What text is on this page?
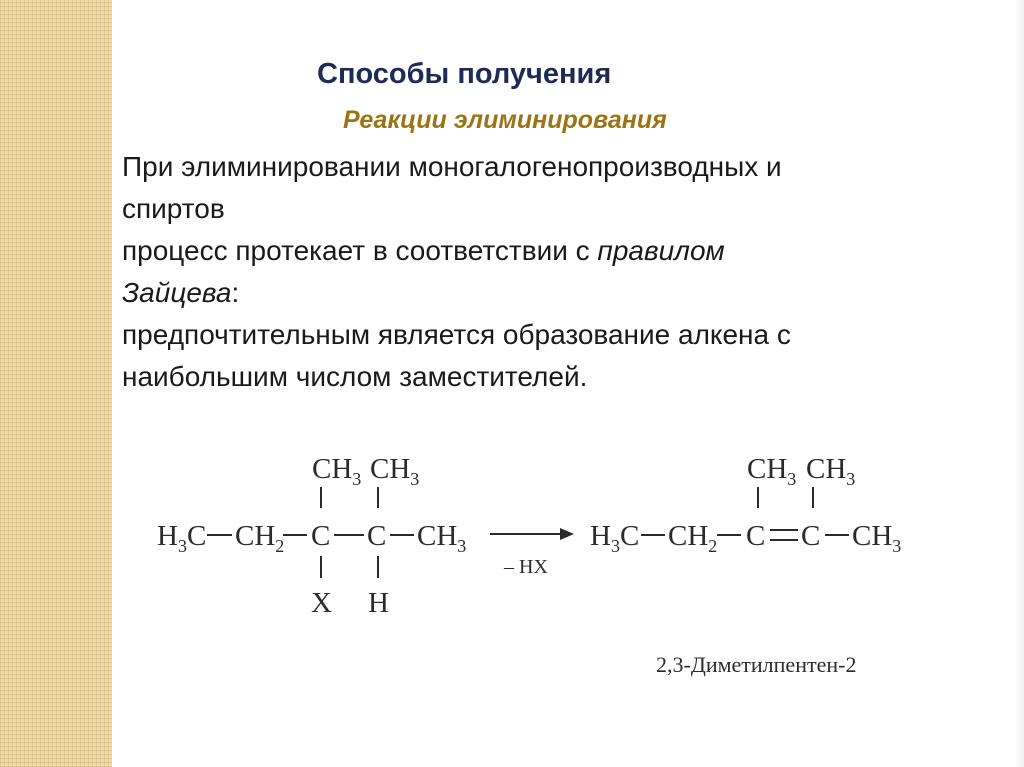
Способы получения
Реакции элиминирования
При элиминировании моногалогенопроизводных и
спиртов
процесс протекает в соответствии с правилом
Зайцева:
предпочтительным является образование алкена с
наибольшим числом заместителей.
$CH_3$ $CH_3$
$H_3C$ $CH_2$ C C $CH_3$
X H
– HX
$CH_3$ $CH_3$
$H_3C$ $CH_2$ C C $CH_3$
2,3-Диметилпентен-2
